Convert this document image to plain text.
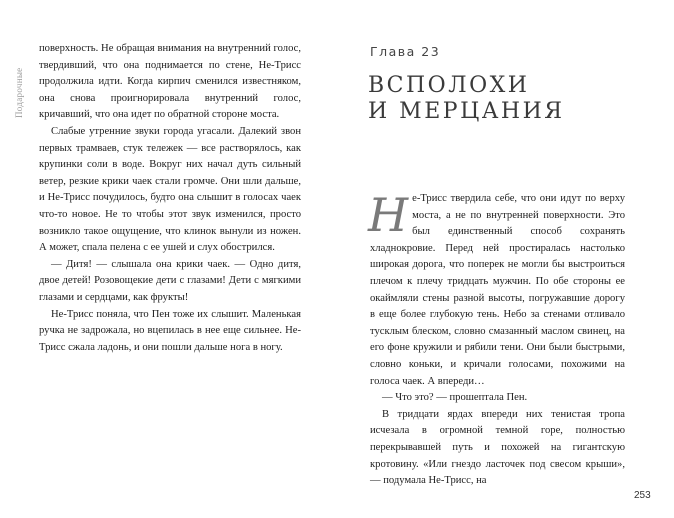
Подарочные

поверхность. Не обращая внимания на внутренний голос, твердивший, что она поднимается по стене, Не-Трисс продолжила идти. Когда кирпич сменился известняком, она снова проигнорировала внутренний голос, кричавший, что она идет по обратной стороне моста.

Слабые утренние звуки города угасали. Далекий звон первых трамваев, стук тележек — все растворялось, как крупинки соли в воде. Вокруг них начал дуть сильный ветер, резкие крики чаек стали громче. Они шли дальше, и Не-Трисс почудилось, будто она слышит в голосах чаек что-то новое. Не то чтобы этот звук изменился, просто возникло такое ощущение, что клинок вынули из ножен. А может, спала пелена с ее ушей и слух обострился.

— Дитя! — слышала она крики чаек. — Одно дитя, двое детей! Розовощекие дети с глазами! Дети с мягкими глазами и сердцами, как фрукты!

Не-Трисс поняла, что Пен тоже их слышит. Маленькая ручка не задрожала, но вцепилась в нее еще сильнее. Не-Трисс сжала ладонь, и они пошли дальше нога в ногу.

Глава 23
ВСПОЛОХИ
И МЕРЦАНИЯ

Не-Трисс твердила себе, что они идут по верху моста, а не по внутренней поверхности. Это был единственный способ сохранять хладнокровие. Перед ней простиралась настолько широкая дорога, что поперек не могли бы выстроиться плечом к плечу тридцать мужчин. По обе стороны ее окаймляли стены разной высоты, погружавшие дорогу в еще более глубокую тень. Небо за стенами отливало тусклым блеском, словно смазанный маслом свинец, на его фоне кружили и рябили тени. Они были быстрыми, словно коньки, и кричали голосами, похожими на голоса чаек. А впереди…

— Что это? — прошептала Пен.

В тридцати ярдах впереди них тенистая тропа исчезала в огромной темной горе, полностью перекрывавшей путь и похожей на гигантскую кротовину. «Или гнездо ласточек под свесом крыши», — подумала Не-Трисс, на

253
